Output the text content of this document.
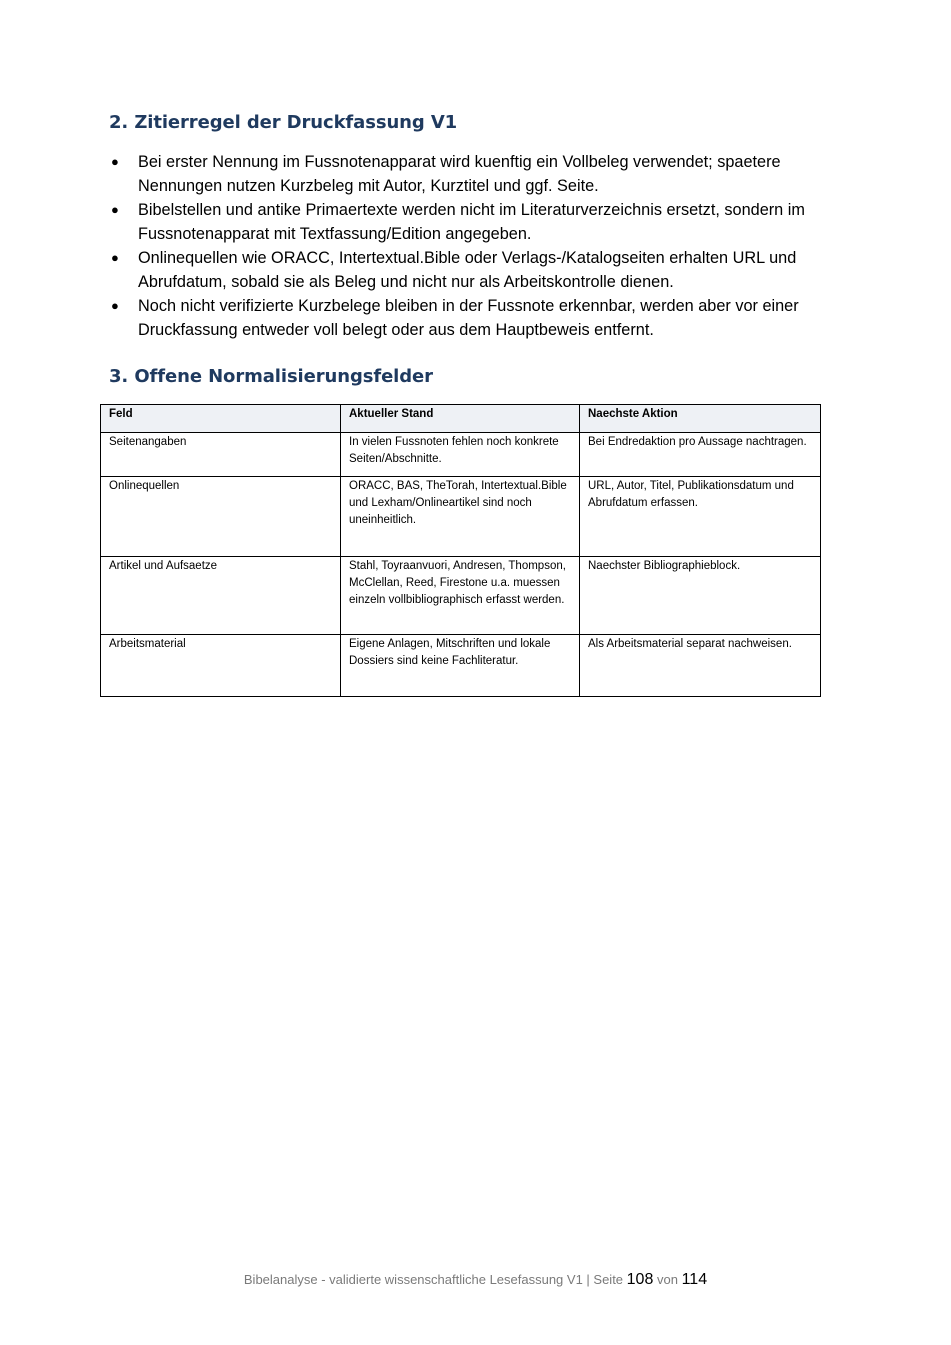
2. Zitierregel der Druckfassung V1
● Bei erster Nennung im Fussnotenapparat wird kuenftig ein Vollbeleg verwendet; spaetere Nennungen nutzen Kurzbeleg mit Autor, Kurztitel und ggf. Seite.
● Bibelstellen und antike Primaertexte werden nicht im Literaturverzeichnis ersetzt, sondern im Fussnotenapparat mit Textfassung/Edition angegeben.
● Onlinequellen wie ORACC, Intertextual.Bible oder Verlags-/Katalogseiten erhalten URL und Abrufdatum, sobald sie als Beleg und nicht nur als Arbeitskontrolle dienen.
● Noch nicht verifizierte Kurzbelege bleiben in der Fussnote erkennbar, werden aber vor einer Druckfassung entweder voll belegt oder aus dem Hauptbeweis entfernt.
3. Offene Normalisierungsfelder
Feld	Aktueller Stand	Naechste Aktion
Seitenangaben	In vielen Fussnoten fehlen noch konkrete Seiten/Abschnitte.	Bei Endredaktion pro Aussage nachtragen.
Onlinequellen	ORACC, BAS, TheTorah, Intertextual.Bible und Lexham/Onlineartikel sind noch uneinheitlich.	URL, Autor, Titel, Publikationsdatum und Abrufdatum erfassen.
Artikel und Aufsaetze	Stahl, Toyraanvuori, Andresen, Thompson, McClellan, Reed, Firestone u.a. muessen einzeln vollbibliographisch erfasst werden.	Naechster Bibliographieblock.
Arbeitsmaterial	Eigene Anlagen, Mitschriften und lokale Dossiers sind keine Fachliteratur.	Als Arbeitsmaterial separat nachweisen.
Bibelanalyse - validierte wissenschaftliche Lesefassung V1 | Seite 108 von 114
